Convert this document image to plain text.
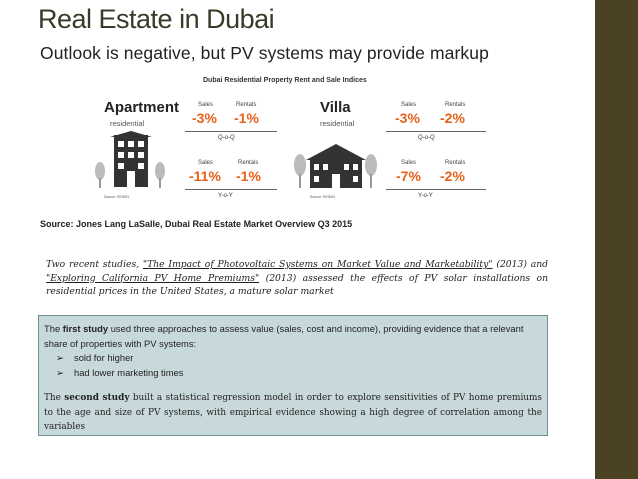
Real Estate in Dubai
Outlook is negative, but PV systems may provide markup
Dubai Residential Property Rent and Sale Indices
Apartment
residential
Sales	Rentals
-3% -1%
Q-o-Q
Sales	Rentals
-11% -1%
Y-o-Y
Source: REIDIN
Villa
residential
Sales	Rentals
-3% -2%
Q-o-Q
Sales	Rentals
-7% -2%
Y-o-Y
Source: REIDIN
Source: Jones Lang LaSalle, Dubai Real Estate Market Overview Q3 2015
Two recent studies, "The Impact of Photovoltaic Systems on Market Value and Marketability" (2013) and "Exploring California PV Home Premiums" (2013) assessed the effects of PV solar installations on residential prices in the United States, a mature solar market

The first study used three approaches to assess value (sales, cost and income), providing evidence that a relevant share of properties with PV systems:

➢ sold for higher
➢ had lower marketing times

The second study built a statistical regression model in order to explore sensitivities of PV home premiums to the age and size of PV systems, with empirical evidence showing a high degree of correlation among the variables
